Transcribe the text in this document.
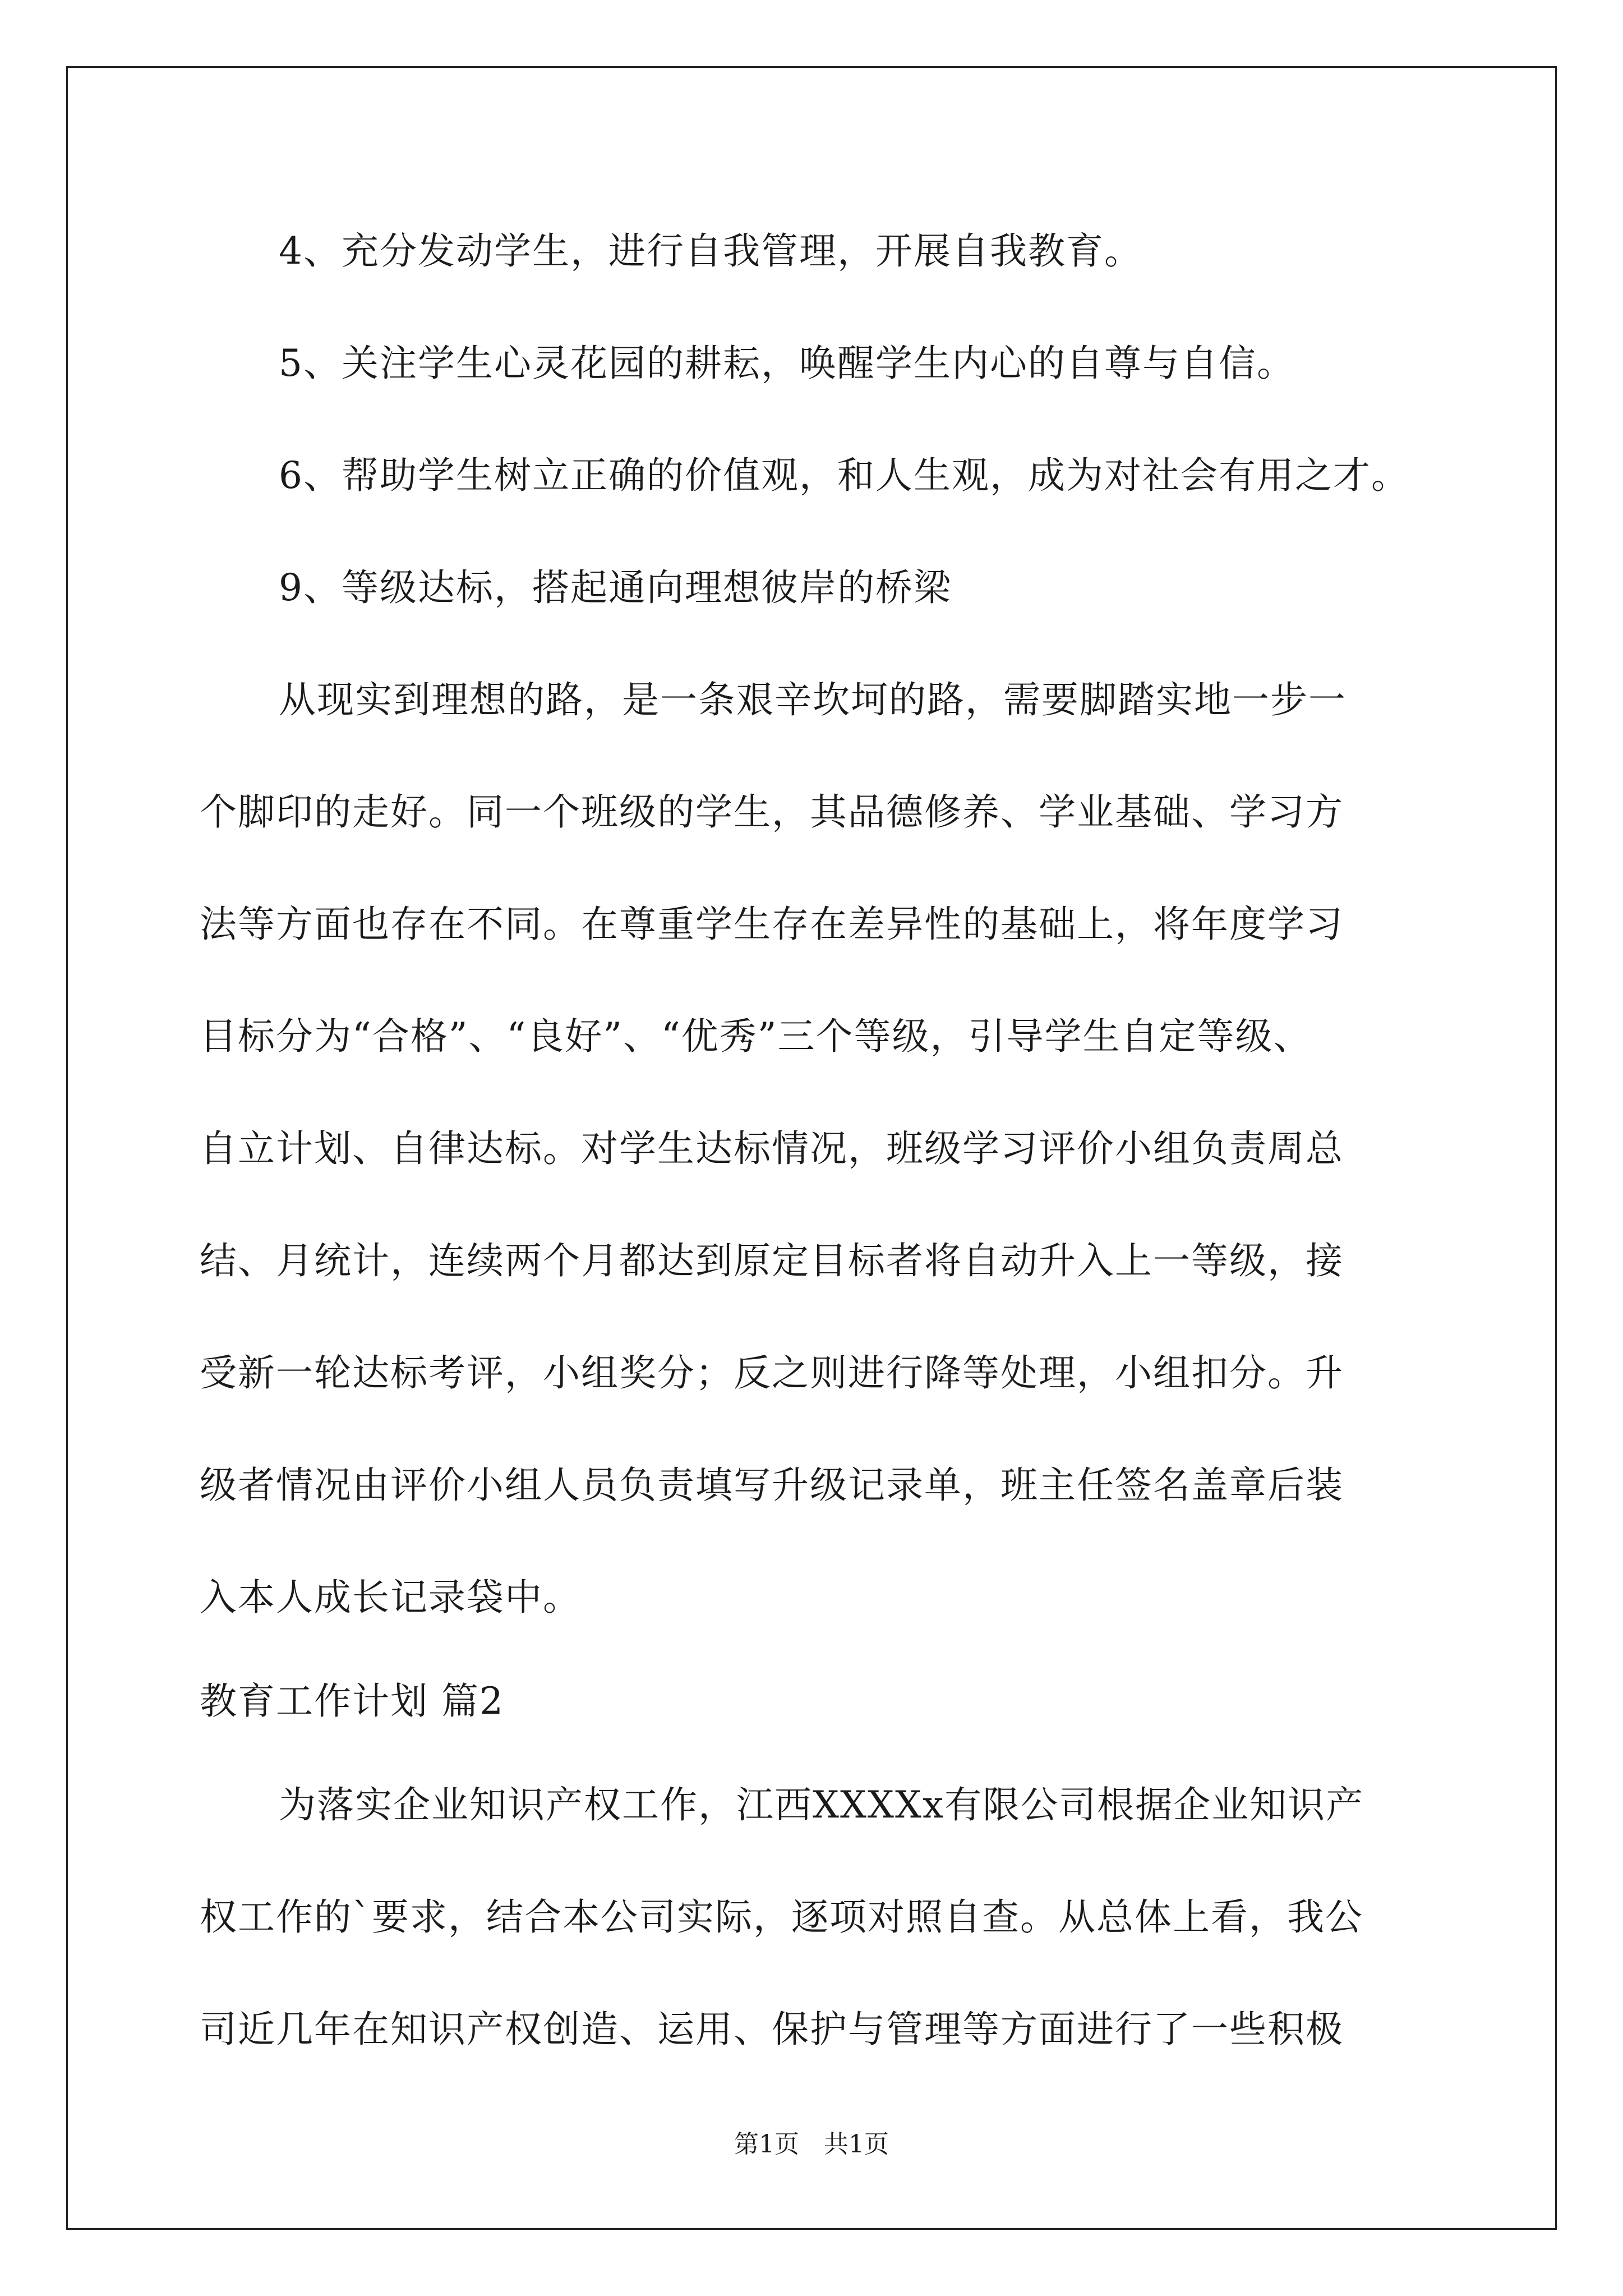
4、充分发动学生，进行自我管理，开展自我教育。
5、关注学生心灵花园的耕耘，唤醒学生内心的自尊与自信。
6、帮助学生树立正确的价值观，和人生观，成为对社会有用之才。
9、等级达标，搭起通向理想彼岸的桥梁
从现实到理想的路，是一条艰辛坎坷的路，需要脚踏实地一步一
个脚印的走好。同一个班级的学生，其品德修养、学业基础、学习方
法等方面也存在不同。在尊重学生存在差异性的基础上，将年度学习
目标分为“合格”、“良好”、“优秀”三个等级，引导学生自定等级、
自立计划、自律达标。对学生达标情况，班级学习评价小组负责周总
结、月统计，连续两个月都达到原定目标者将自动升入上一等级，接
受新一轮达标考评，小组奖分；反之则进行降等处理，小组扣分。升
级者情况由评价小组人员负责填写升级记录单，班主任签名盖章后装
入本人成长记录袋中。
教育工作计划 篇2
为落实企业知识产权工作，江西XXXXx有限公司根据企业知识产
权工作的`要求，结合本公司实际，逐项对照自查。从总体上看，我公
司近几年在知识产权创造、运用、保护与管理等方面进行了一些积极
第1页　共1页
